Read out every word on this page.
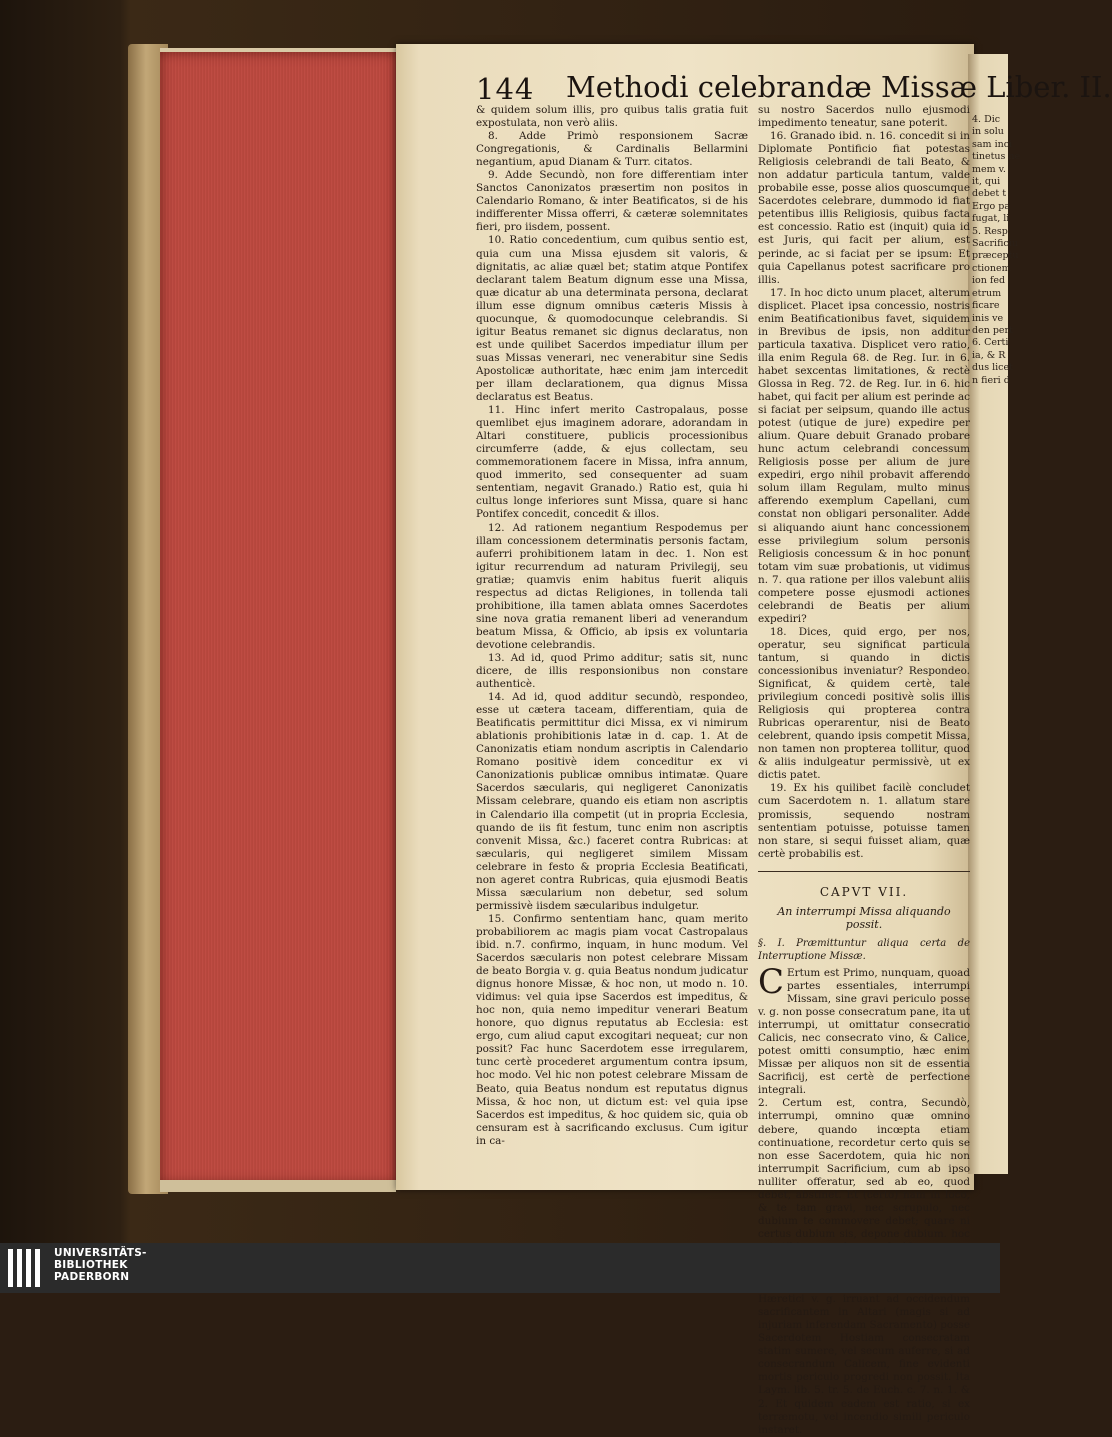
4. Dic
in solu
sam inci
tinetus ne
mem v.
it, qui
debet t
Ergo pa
fugat, li
5. Resp
Sacrificiu
præceptu
ctionem
ion fed
etrum
ficare
inis ve
den pert
6. Certi
ia, & R
dus licet
n fieri d
144 Methodi celebrandæ Missæ Liber. II.

& quidem solum illis, pro quibus talis gratia fuit expostulata, non verò aliis.

8. Adde Primò responsionem Sacræ Congregationis, & Cardinalis Bellarmini negantium, apud Dianam & Turr. citatos.

9. Adde Secundò, non fore differentiam inter Sanctos Canonizatos præsertim non positos in Calendario Romano, & inter Beatificatos, si de his indifferenter Missa offerri, & cæteræ solemnitates fieri, pro iisdem, possent.

10. Ratio concedentium, cum quibus sentio est, quia cum una Missa ejusdem sit valoris, & dignitatis, ac aliæ quæl bet; statim atque Pontifex declarant talem Beatum dignum esse una Missa, quæ dicatur ab una determinata persona, declarat illum esse dignum omnibus cæteris Missis à quocunque, & quomodocunque celebrandis. Si igitur Beatus remanet sic dignus declaratus, non est unde quilibet Sacerdos impediatur illum per suas Missas venerari, nec venerabitur sine Sedis Apostolicæ authoritate, hæc enim jam intercedit per illam declarationem, qua dignus Missa declaratus est Beatus.

11. Hinc infert merito Castropalaus, posse quemlibet ejus imaginem adorare, adorandam in Altari constituere, publicis processionibus circumferre (adde, & ejus collectam, seu commemorationem facere in Missa, infra annum, quod immerito, sed consequenter ad suam sententiam, negavit Granado.) Ratio est, quia hi cultus longe inferiores sunt Missa, quare si hanc Pontifex concedit, concedit & illos.

12. Ad rationem negantium Respodemus per illam concessionem determinatis personis factam, auferri prohibitionem latam in dec. 1. Non est igitur recurrendum ad naturam Privilegij, seu gratiæ; quamvis enim habitus fuerit aliquis respectus ad dictas Religiones, in tollenda tali prohibitione, illa tamen ablata omnes Sacerdotes sine nova gratia remanent liberi ad venerandum beatum Missa, & Officio, ab ipsis ex voluntaria devotione celebrandis.

13. Ad id, quod Primo additur; satis sit, nunc dicere, de illis responsionibus non constare authenticè.

14. Ad id, quod additur secundò, respondeo, esse ut cætera taceam, differentiam, quia de Beatificatis permittitur dici Missa, ex vi nimirum ablationis prohibitionis latæ in d. cap. 1. At de Canonizatis etiam nondum ascriptis in Calendario Romano positivè idem conceditur ex vi Canonizationis publicæ omnibus intimatæ. Quare Sacerdos sæcularis, qui negligeret Canonizatis Missam celebrare, quando eis etiam non ascriptis in Calendario illa competit (ut in propria Ecclesia, quando de iis fit festum, tunc enim non ascriptis convenit Missa, &c.) faceret contra Rubricas: at sæcularis, qui negligeret similem Missam celebrare in festo & propria Ecclesia Beatificati, non ageret contra Rubricas, quia ejusmodi Beatis Missa sæcularium non debetur, sed solum permissivè iisdem sæcularibus indulgetur.

15. Confirmo sententiam hanc, quam merito probabiliorem ac magis piam vocat Castropalaus ibid. n.7. confirmo, inquam, in hunc modum. Vel Sacerdos sæcularis non potest celebrare Missam de beato Borgia v. g. quia Beatus nondum judicatur dignus honore Missæ, & hoc non, ut modo n. 10. vidimus: vel quia ipse Sacerdos est impeditus, & hoc non, quia nemo impeditur venerari Beatum honore, quo dignus reputatus ab Ecclesia: est ergo, cum aliud caput excogitari nequeat; cur non possit? Fac hunc Sacerdotem esse irregularem, tunc certè procederet argumentum contra ipsum, hoc modo. Vel hic non potest celebrare Missam de Beato, quia Beatus nondum est reputatus dignus Missa, & hoc non, ut dictum est: vel quia ipse Sacerdos est impeditus, & hoc quidem sic, quia ob censuram est à sacrificando exclusus. Cum igitur in ca-

su nostro Sacerdos nullo ejusmodi impedimento teneatur, sane poterit.

16. Granado ibid. n. 16. concedit si in Diplomate Pontificio fiat potestas Religiosis celebrandi de tali Beato, & non addatur particula tantum, valde probabile esse, posse alios quoscumque Sacerdotes celebrare, dummodo id fiat petentibus illis Religiosis, quibus facta est concessio. Ratio est (inquit) quia id est Juris, qui facit per alium, est perinde, ac si faciat per se ipsum: Et quia Capellanus potest sacrificare pro illis.

17. In hoc dicto unum placet, alterum displicet. Placet ipsa concessio, nostris enim Beatificationibus favet, siquidem in Brevibus de ipsis, non additur particula taxativa. Displicet vero ratio, illa enim Regula 68. de Reg. Iur. in 6. habet sexcentas limitationes, & rectè Glossa in Reg. 72. de Reg. Iur. in 6. hic habet, qui facit per alium est perinde ac si faciat per seipsum, quando ille actus potest (utique de jure) expedire per alium. Quare debuit Granado probare hunc actum celebrandi concessum Religiosis posse per alium de jure expediri, ergo nihil probavit afferendo solum illam Regulam, multo minus afferendo exemplum Capellani, cum constat non obligari personaliter. Adde si aliquando aiunt hanc concessionem esse privilegium solum personis Religiosis concessum & in hoc ponunt totam vim suæ probationis, ut vidimus n. 7. qua ratione per illos valebunt aliis competere posse ejusmodi actiones celebrandi de Beatis per alium expediri?

18. Dices, quid ergo, per nos, operatur, seu significat particula tantum, si quando in dictis concessionibus inveniatur? Respondeo. Significat, & quidem certè, tale privilegium concedi positivè solis illis Religiosis qui propterea contra Rubricas operarentur, nisi de Beato celebrent, quando ipsis competit Missa, non tamen non propterea tollitur, quod & aliis indulgeatur permissivè, ut ex dictis patet.

19. Ex his quilibet facilè concludet cum Sacerdotem n. 1. allatum stare promissis, sequendo nostram sententiam potuisse, potuisse tamen non stare, si sequi fuisset aliam, quæ certè probabilis est.

CAPVT VII.
An interrumpi Missa aliquando possit.
§. I. Præmittuntur aliqua certa de Interruptione Missæ.

C Ertum est Primo, nunquam, quoad partes essentiales, interrumpi Missam, sine gravi periculo posse v. g. non posse consecratum pane, ita ut interrumpi, ut omittatur consecratio Calicis, nec consecrato vino, & Calice, potest omitti consumptio, hæc enim Missæ per aliquos non sit de essentia Sacrificij, est certè de perfectione integrali.

2. Certum est, contra, Secundò, interrumpi, omnino quæ omnino debere, quando incœpta etiam continuatione, recordetur certo quis se non esse Sacerdotem, quia hic non interrumpit Sacrificium, cum ab ipso nulliter offeratur, sed ab eo, quod debet, abstinet. Et (certo) nam in loco, & te tam gravi, nec scrupulo, nec dubium te commovere debet; quare ni certus dubium sis, depone dubium. hoc

Hæretici v. g. irruant ad occidendum sacrificantem in Altari (magis si ad injuriam inferendam Sacramento) posse Sacerdotem Hostiam consecratam statim sumere, vel secum auferre, si ad consecrandum Calicem, fine evidenti mortis periculo progredi non possit. Ita Laym. lib. 5. tr. 5. de Euch. c. 7. n. 1. & 2. Et quidem eadem est ratio, si ex terræmotu, vel incendio simili periculo instaret.

UNIVERSITÄTS-
BIBLIOTHEK
PADERBORN
